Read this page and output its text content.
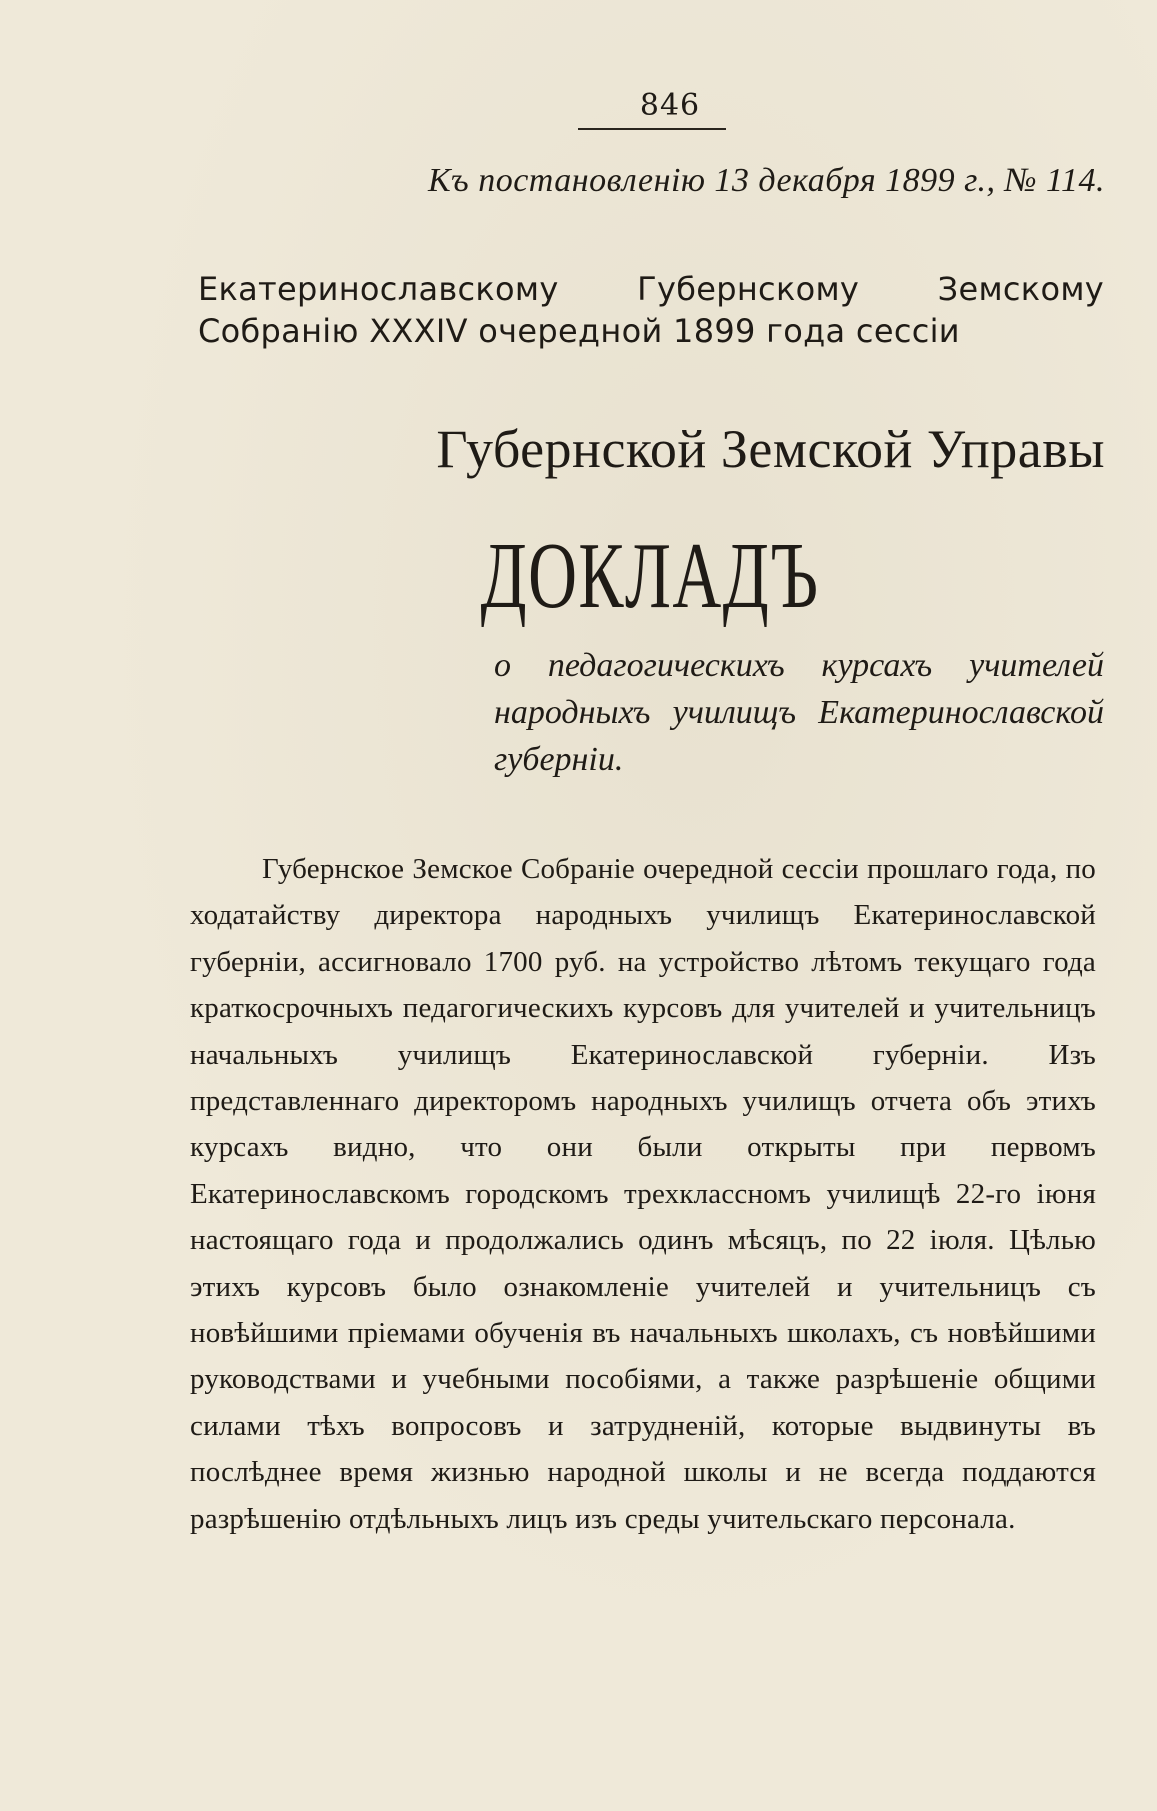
846
Къ постановленію 13 декабря 1899 г., № 114.
Екатеринославскому Губернскому Земскому
Собранію XXXIV очередной 1899 года сессіи
Губернской Земской Управы
ДОКЛАДЪ
о педагогическихъ курсахъ учителей народныхъ училищъ Екатеринославской губерніи.
Губернское Земское Собраніе очередной сессіи прошлаго года, по ходатайству директора народныхъ училищъ Екатеринославской губерніи, ассигновало 1700 руб. на устройство лѣтомъ текущаго года краткосрочныхъ педагогическихъ курсовъ для учителей и учительницъ начальныхъ училищъ Екатеринославской губерніи. Изъ представленнаго директоромъ народныхъ училищъ отчета объ этихъ курсахъ видно, что они были открыты при первомъ Екатеринославскомъ городскомъ трехклассномъ училищѣ 22-го іюня настоящаго года и продолжались одинъ мѣсяцъ, по 22 іюля. Цѣлью этихъ курсовъ было ознакомленіе учителей и учительницъ съ новѣйшими пріемами обученія въ начальныхъ школахъ, съ новѣйшими руководствами и учебными пособіями, а также разрѣшеніе общими силами тѣхъ вопросовъ и затрудненій, которые выдвинуты въ послѣднее время жизнью народной школы и не всегда поддаются разрѣшенію отдѣльныхъ лицъ изъ среды учительскаго персонала.
